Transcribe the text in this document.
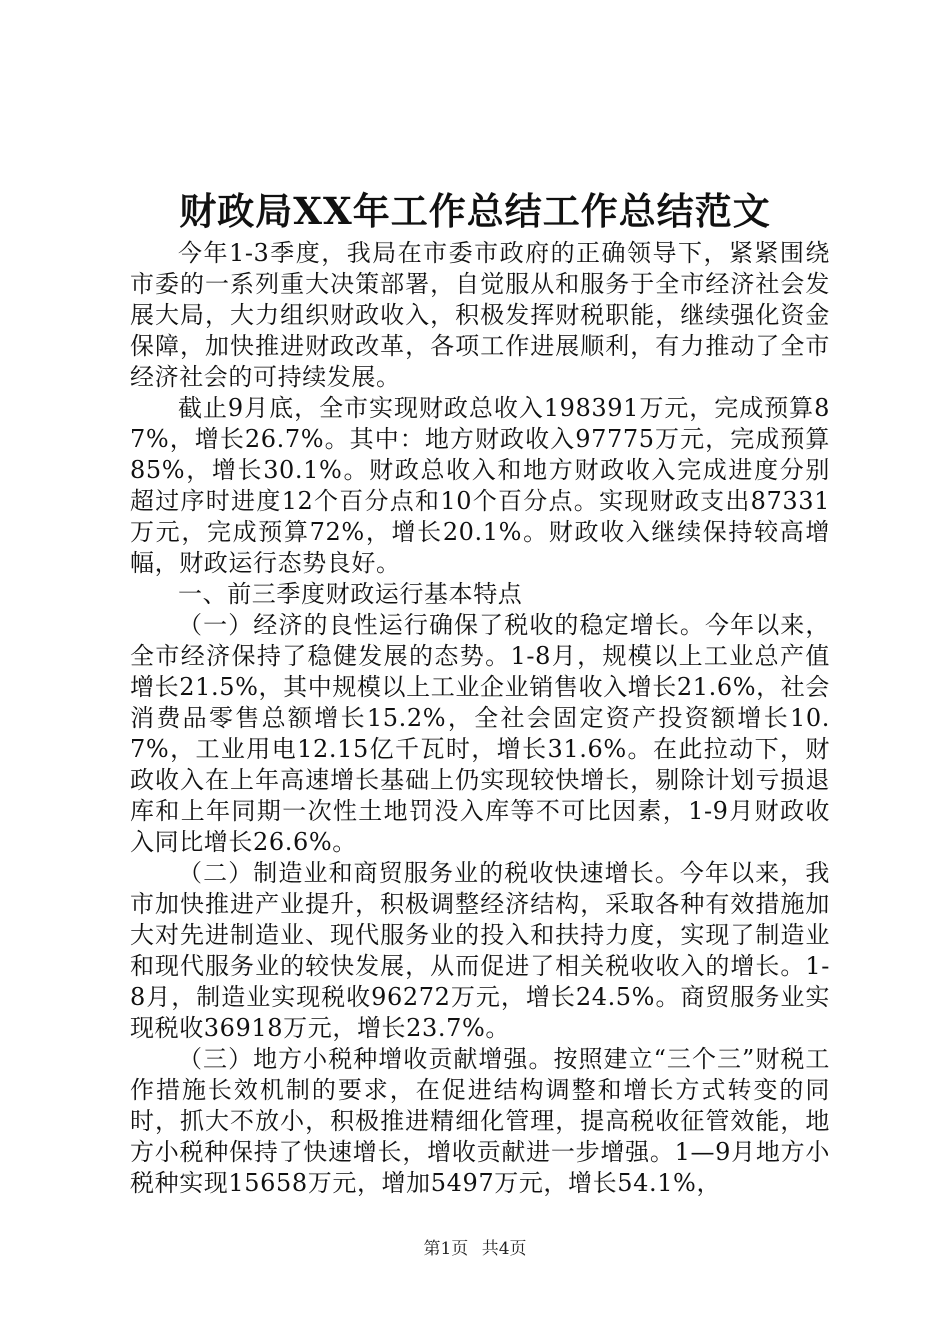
财政局XX年工作总结工作总结范文

今年1-3季度，我局在市委市政府的正确领导下，紧紧围绕市委的一系列重大决策部署，自觉服从和服务于全市经济社会发展大局，大力组织财政收入，积极发挥财税职能，继续强化资金保障，加快推进财政改革，各项工作进展顺利，有力推动了全市经济社会的可持续发展。

截止9月底，全市实现财政总收入198391万元，完成预算87%，增长26.7%。其中：地方财政收入97775万元，完成预算85%，增长30.1%。财政总收入和地方财政收入完成进度分别超过序时进度12个百分点和10个百分点。实现财政支出87331万元，完成预算72%，增长20.1%。财政收入继续保持较高增幅，财政运行态势良好。

一、前三季度财政运行基本特点

（一）经济的良性运行确保了税收的稳定增长。今年以来，全市经济保持了稳健发展的态势。1-8月，规模以上工业总产值增长21.5%，其中规模以上工业企业销售收入增长21.6%，社会消费品零售总额增长15.2%，全社会固定资产投资额增长10.7%，工业用电12.15亿千瓦时，增长31.6%。在此拉动下，财政收入在上年高速增长基础上仍实现较快增长，剔除计划亏损退库和上年同期一次性土地罚没入库等不可比因素，1-9月财政收入同比增长26.6%。

（二）制造业和商贸服务业的税收快速增长。今年以来，我市加快推进产业提升，积极调整经济结构，采取各种有效措施加大对先进制造业、现代服务业的投入和扶持力度，实现了制造业和现代服务业的较快发展，从而促进了相关税收收入的增长。1-8月，制造业实现税收96272万元，增长24.5%。商贸服务业实现税收36918万元，增长23.7%。

（三）地方小税种增收贡献增强。按照建立“三个三”财税工作措施长效机制的要求，在促进结构调整和增长方式转变的同时，抓大不放小，积极推进精细化管理，提高税收征管效能，地方小税种保持了快速增长，增收贡献进一步增强。1—9月地方小税种实现15658万元，增加5497万元，增长54.1%，

第1页 共4页
